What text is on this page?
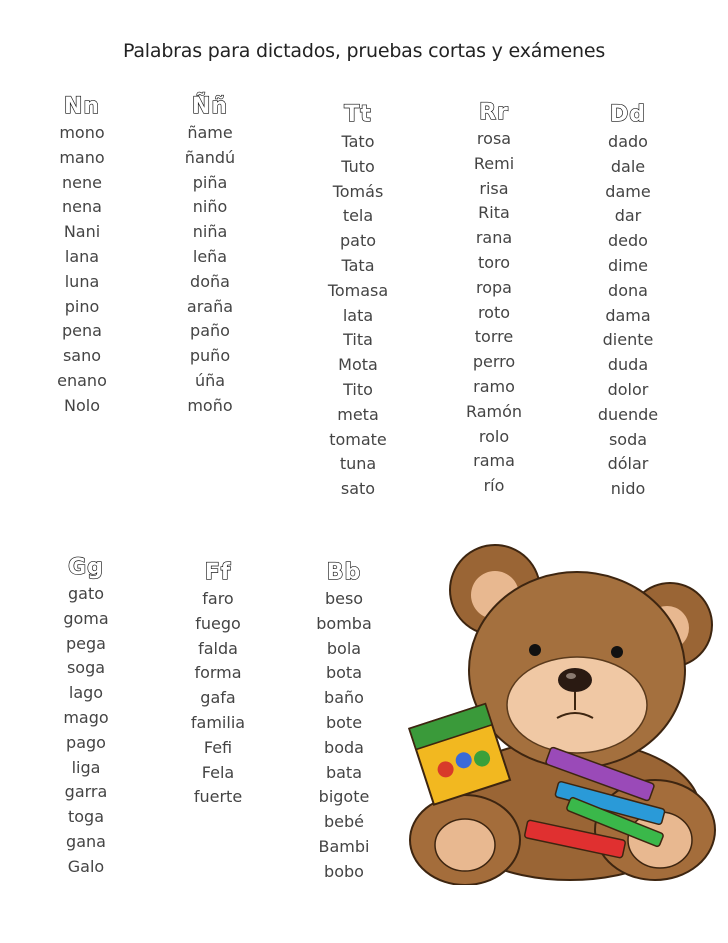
Palabras para dictados, pruebas cortas y exámenes
Nn
mono
mano
nene
nena
Nani
lana
luna
pino
pena
sano
enano
Nolo
Ññ
ñame
ñandú
piña
niño
niña
leña
doña
araña
paño
puño
úña
moño
Tt
Tato
Tuto
Tomás
tela
pato
Tata
Tomasa
lata
Tita
Mota
Tito
meta
tomate
tuna
sato
Rr
rosa
Remi
risa
Rita
rana
toro
ropa
roto
torre
perro
ramo
Ramón
rolo
rama
río
Dd
dado
dale
dame
dar
dedo
dime
dona
dama
diente
duda
dolor
duende
soda
dólar
nido
Gg
gato
goma
pega
soga
lago
mago
pago
liga
garra
toga
gana
Galo
Ff
faro
fuego
falda
forma
gafa
familia
Fefi
Fela
fuerte
Bb
beso
bomba
bola
bota
baño
bote
boda
bata
bigote
bebé
Bambi
bobo
